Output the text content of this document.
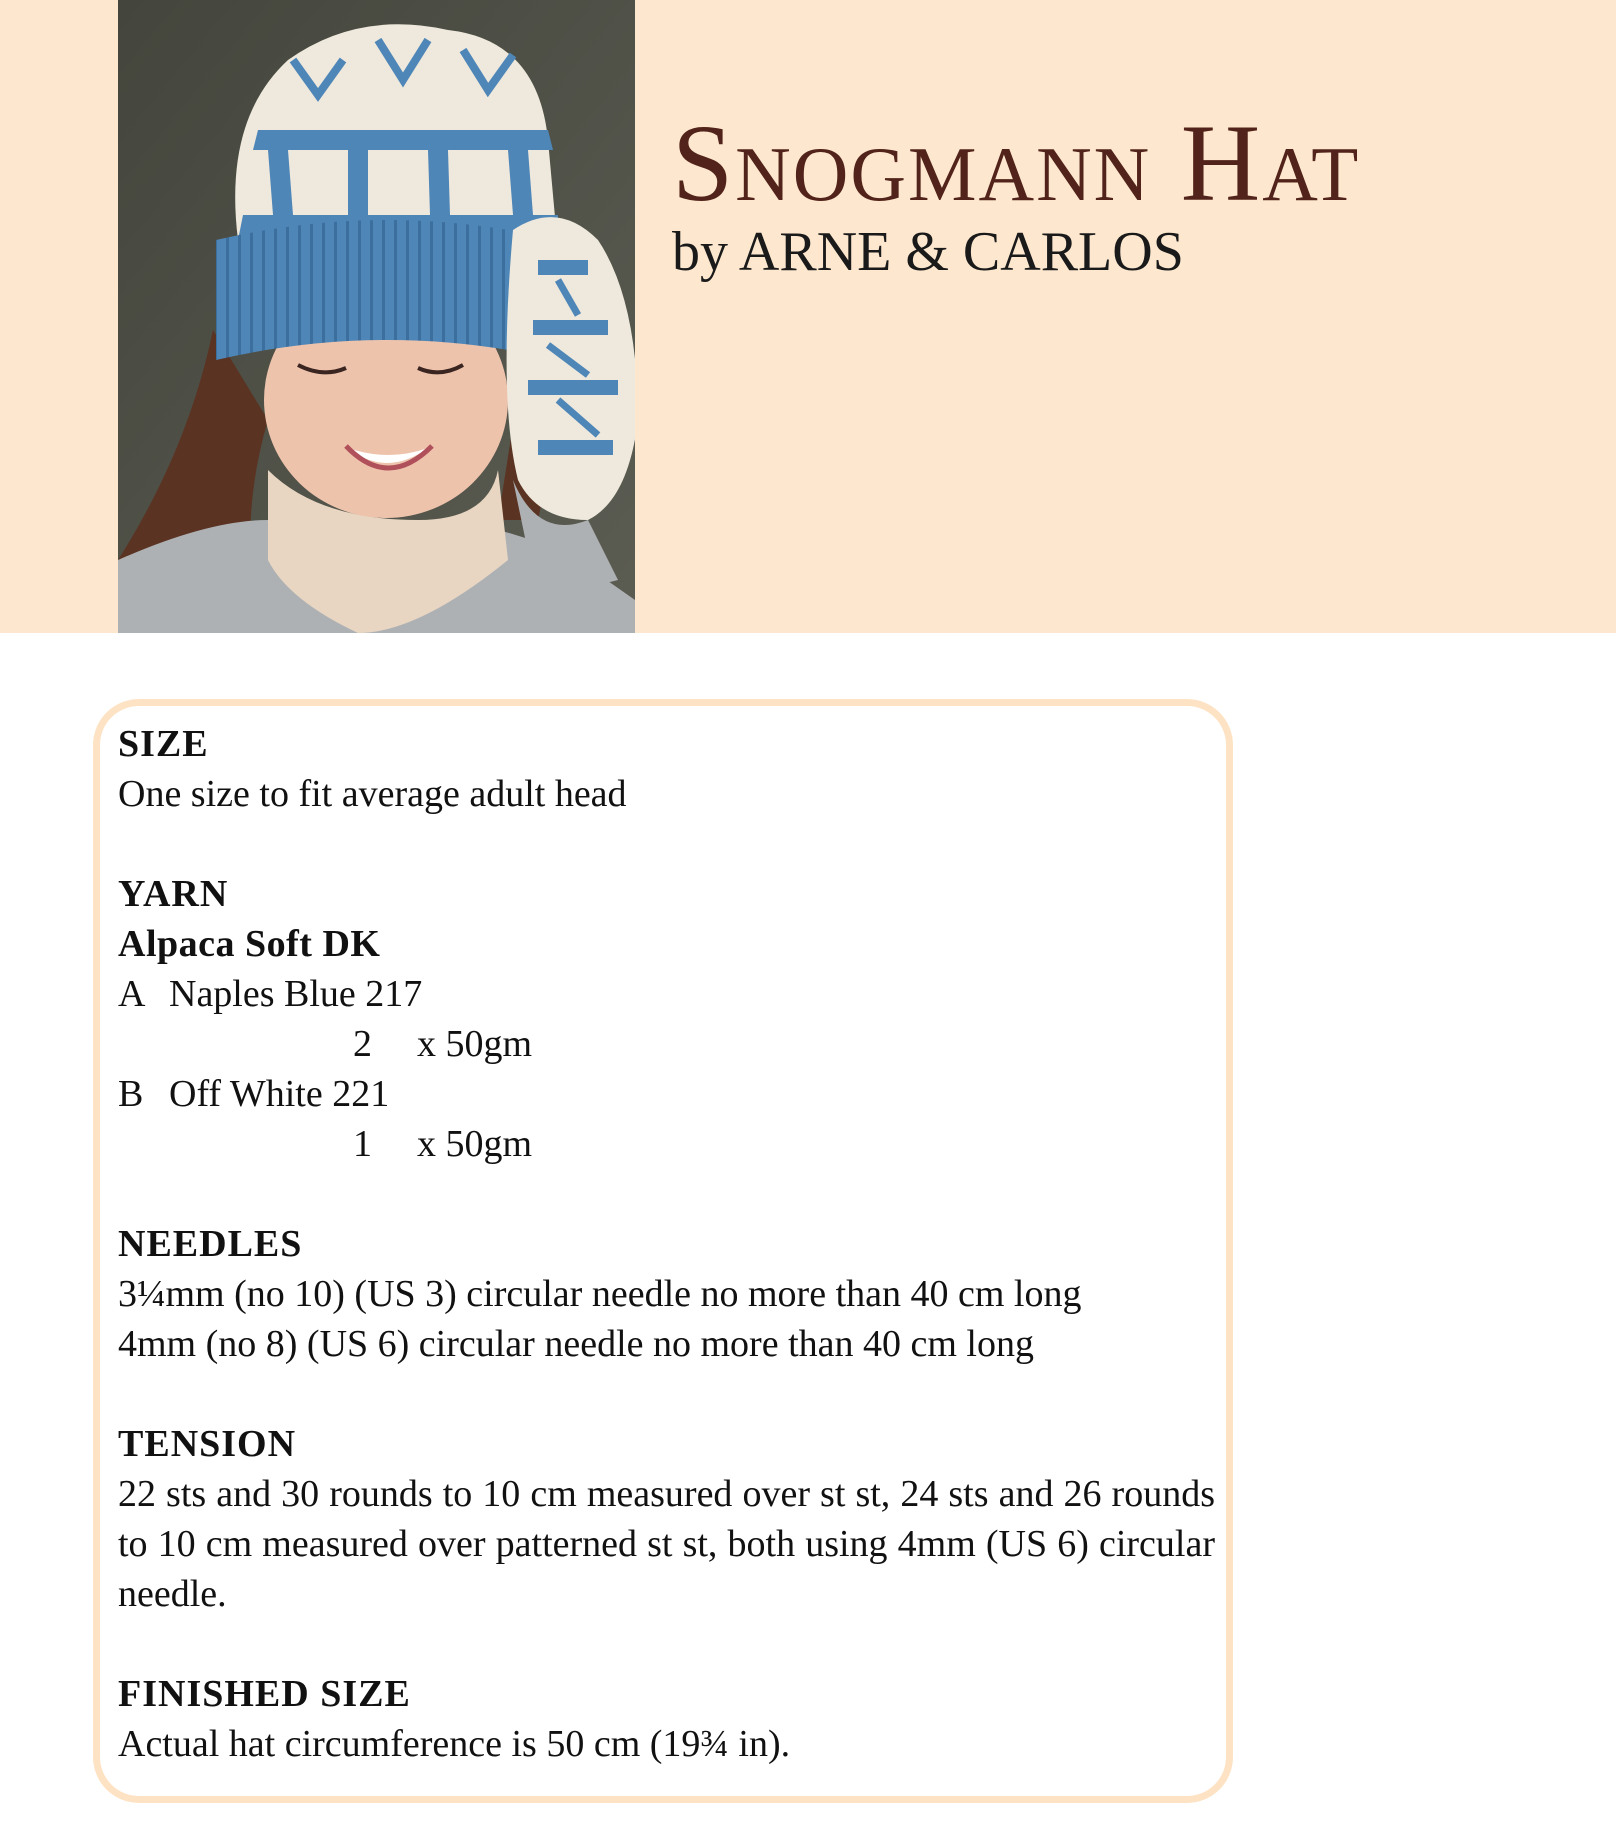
Snogmann Hat

by ARNE & CARLOS

SIZE
One size to fit average adult head
YARN
Alpaca Soft DK
A Naples Blue 217
2 x 50gm
B Off White 221
1 x 50gm
NEEDLES
3¼mm (no 10) (US 3) circular needle no more than 40 cm long
4mm (no 8) (US 6) circular needle no more than 40 cm long
TENSION
22 sts and 30 rounds to 10 cm measured over st st, 24 sts and 26 rounds to 10 cm measured over patterned st st, both using 4mm (US 6) circular needle.
FINISHED SIZE
Actual hat circumference is 50 cm (19¾ in).
